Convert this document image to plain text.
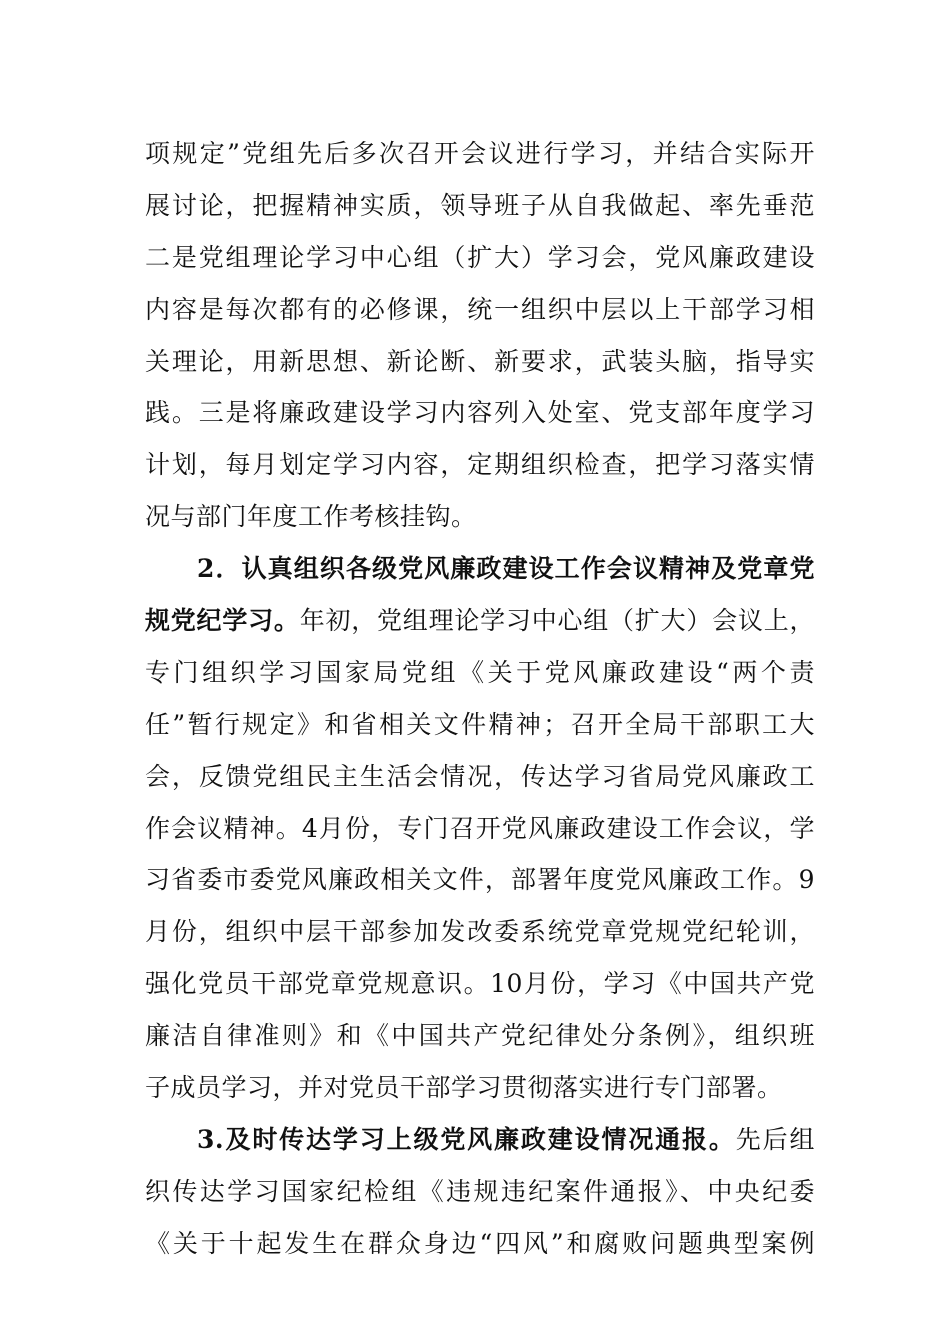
项规定”党组先后多次召开会议进行学习，并结合实际开
展讨论，把握精神实质，领导班子从自我做起、率先垂范
二是党组理论学习中心组（扩大）学习会，党风廉政建设
内容是每次都有的必修课，统一组织中层以上干部学习相
关理论，用新思想、新论断、新要求，武装头脑，指导实
践。三是将廉政建设学习内容列入处室、党支部年度学习
计划，每月划定学习内容，定期组织检查，把学习落实情
况与部门年度工作考核挂钩。
2．认真组织各级党风廉政建设工作会议精神及党章党
规党纪学习。年初，党组理论学习中心组（扩大）会议上，
专门组织学习国家局党组《关于党风廉政建设“两个责
任”暂行规定》和省相关文件精神；召开全局干部职工大
会，反馈党组民主生活会情况，传达学习省局党风廉政工
作会议精神。4月份，专门召开党风廉政建设工作会议，学
习省委市委党风廉政相关文件，部署年度党风廉政工作。9
月份，组织中层干部参加发改委系统党章党规党纪轮训，
强化党员干部党章党规意识。10月份，学习《中国共产党
廉洁自律准则》和《中国共产党纪律处分条例》，组织班
子成员学习，并对党员干部学习贯彻落实进行专门部署。
3.及时传达学习上级党风廉政建设情况通报。先后组
织传达学习国家纪检组《违规违纪案件通报》、中央纪委
《关于十起发生在群众身边“四风”和腐败问题典型案例
